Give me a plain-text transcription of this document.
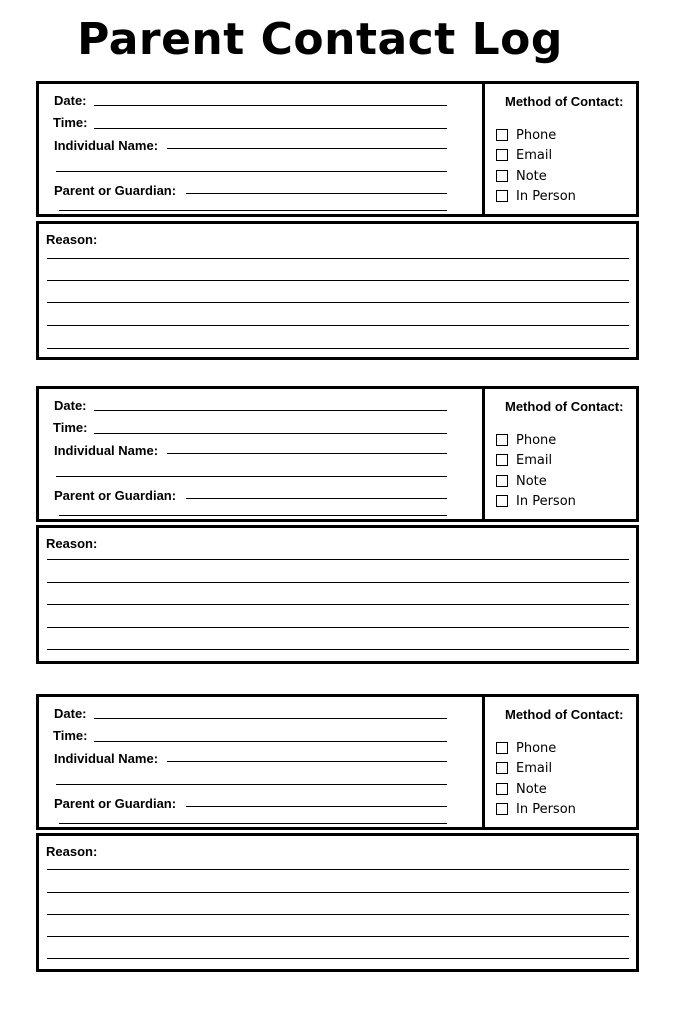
Parent Contact Log
Date:
Time:
Individual Name:
Parent or Guardian:
Method of Contact:
Phone
Email
Note
In Person
Reason:
Date:
Time:
Individual Name:
Parent or Guardian:
Method of Contact:
Phone
Email
Note
In Person
Reason:
Date:
Time:
Individual Name:
Parent or Guardian:
Method of Contact:
Phone
Email
Note
In Person
Reason:
